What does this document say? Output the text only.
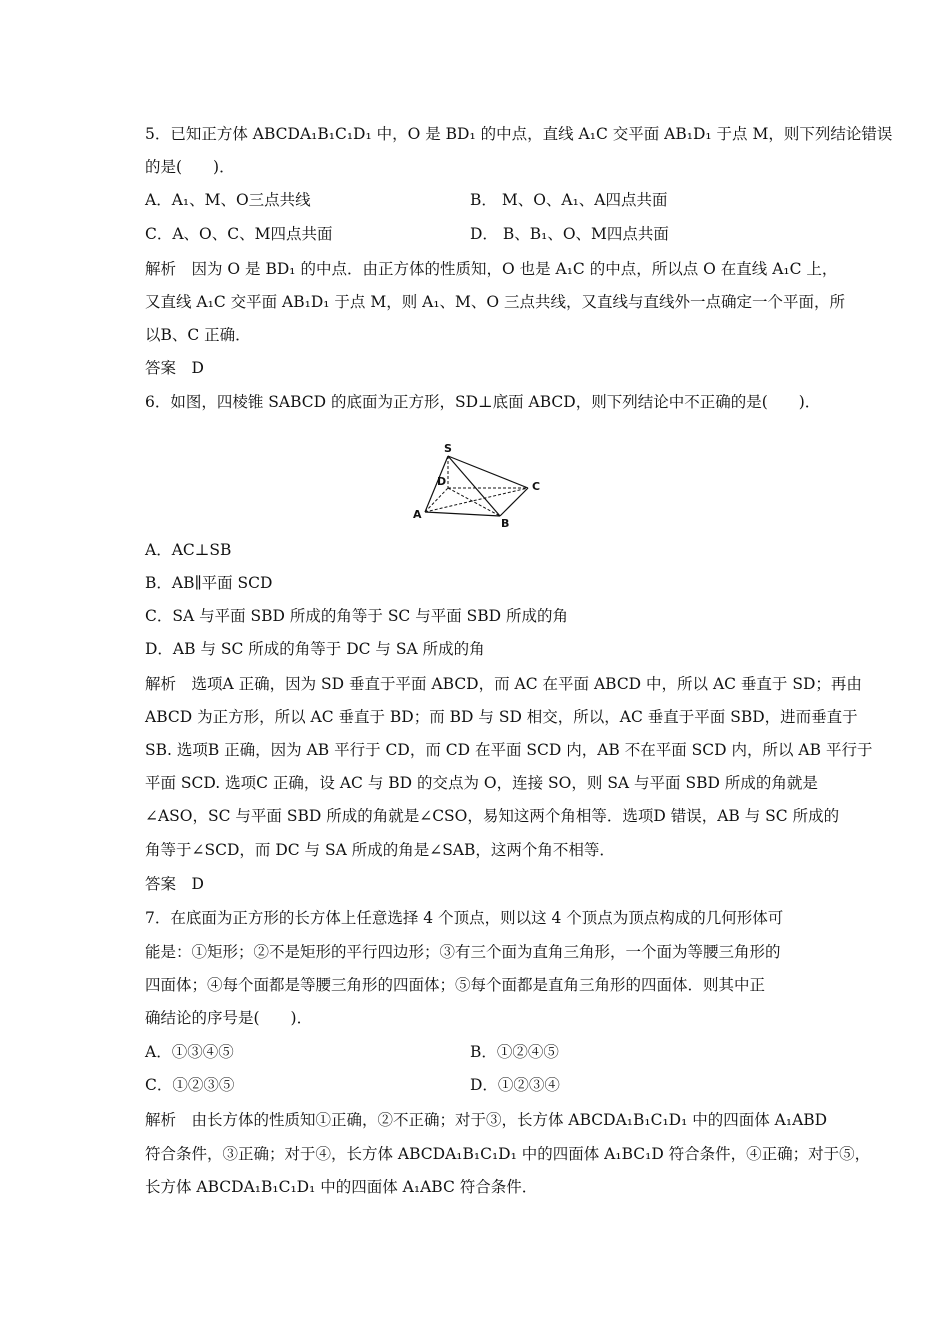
5．已知正方体 ABCDA₁B₁C₁D₁ 中，O 是 BD₁ 的中点，直线 A₁C 交平面 AB₁D₁ 于点 M，则下列结论错误
的是(　　)．
A．A₁、M、O三点共线	B． M、O、A₁、A四点共面
C．A、O、C、M四点共面	D． B、B₁、O、M四点共面
解析　因为 O 是 BD₁ 的中点．由正方体的性质知，O 也是 A₁C 的中点，所以点 O 在直线 A₁C 上，
又直线 A₁C 交平面 AB₁D₁ 于点 M，则 A₁、M、O 三点共线，又直线与直线外一点确定一个平面，所
以B、C 正确．
答案　D
6．如图，四棱锥 SABCD 的底面为正方形，SD⊥底面 ABCD，则下列结论中不正确的是(　　)．
S
A
B
C
D
A．AC⊥SB
B．AB∥平面 SCD
C．SA 与平面 SBD 所成的角等于 SC 与平面 SBD 所成的角
D．AB 与 SC 所成的角等于 DC 与 SA 所成的角
解析　选项A 正确，因为 SD 垂直于平面 ABCD，而 AC 在平面 ABCD 中，所以 AC 垂直于 SD；再由
ABCD 为正方形，所以 AC 垂直于 BD；而 BD 与 SD 相交，所以，AC 垂直于平面 SBD，进而垂直于
SB. 选项B 正确，因为 AB 平行于 CD，而 CD 在平面 SCD 内，AB 不在平面 SCD 内，所以 AB 平行于
平面 SCD. 选项C 正确，设 AC 与 BD 的交点为 O，连接 SO，则 SA 与平面 SBD 所成的角就是
∠ASO，SC 与平面 SBD 所成的角就是∠CSO，易知这两个角相等．选项D 错误，AB 与 SC 所成的
角等于∠SCD，而 DC 与 SA 所成的角是∠SAB，这两个角不相等．
答案　D
7．在底面为正方形的长方体上任意选择 4 个顶点，则以这 4 个顶点为顶点构成的几何形体可
能是：①矩形；②不是矩形的平行四边形；③有三个面为直角三角形，一个面为等腰三角形的
四面体；④每个面都是等腰三角形的四面体；⑤每个面都是直角三角形的四面体．则其中正
确结论的序号是(　　)．
A．①③④⑤	B．①②④⑤
C．①②③⑤	D．①②③④
解析　由长方体的性质知①正确，②不正确；对于③，长方体 ABCDA₁B₁C₁D₁ 中的四面体 A₁ABD
符合条件，③正确；对于④，长方体 ABCDA₁B₁C₁D₁ 中的四面体 A₁BC₁D 符合条件，④正确；对于⑤，
长方体 ABCDA₁B₁C₁D₁ 中的四面体 A₁ABC 符合条件．
